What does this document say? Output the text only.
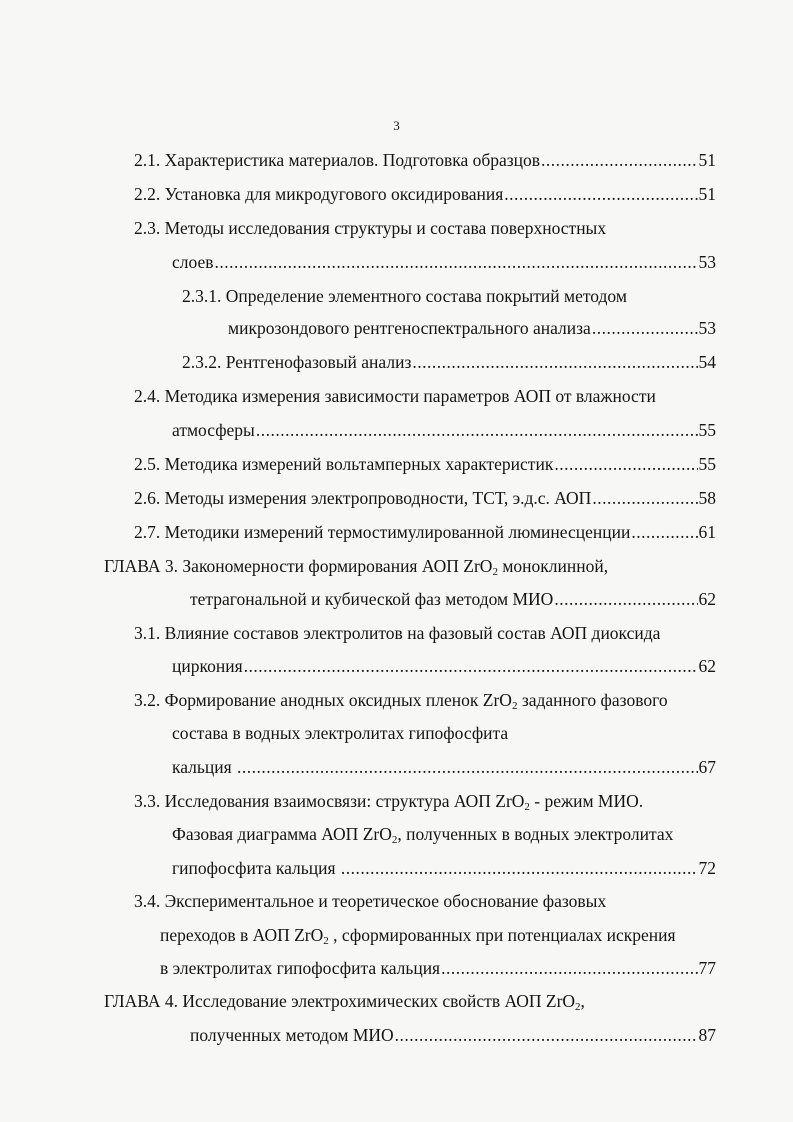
3
2.1.
Характеристика материалов. Подготовка образцов .....	51
2.2.
Установка для микродугового оксидирования .....	51
2.3. Методы исследования структуры и состава поверхностных
слоев .....	53
2.3.1. Определение элементного состава покрытий методом
микрозондового рентгеноспектрального анализа .....	53
2.3.2.
Рентгенофазовый анализ .....	54
2.4. Методика измерения зависимости параметров АОП от влажности
атмосферы .....	55
2.5.
Методика измерений вольтамперных характеристик .....	55
2.6.
Методы измерения электропроводности, ТСТ, э.д.с. АОП .....	58
2.7.
Методики измерений термостимулированной люминесценции .....	61
ГЛАВА 3. Закономерности формирования АОП ZrO$_2$ моноклинной,
тетрагональной и кубической фаз методом МИО .....	62
3.1. Влияние составов электролитов на фазовый состав АОП диоксида
циркония .....	62
3.2. Формирование анодных оксидных пленок ZrO$_2$ заданного фазового
состава в водных электролитах гипофосфита
кальция .....	67
3.3. Исследования взаимосвязи: структура АОП ZrO$_2$ - режим МИО.
Фазовая диаграмма АОП ZrO$_2$, полученных в водных электролитах
гипофосфита кальция .....	72
3.4. Экспериментальное и теоретическое обоснование фазовых
переходов в АОП ZrO$_2$ , сформированных при потенциалах искрения
в электролитах гипофосфита кальция .....	77
ГЛАВА 4. Исследование электрохимических свойств АОП ZrO$_2$,
полученных методом МИО .....	87
